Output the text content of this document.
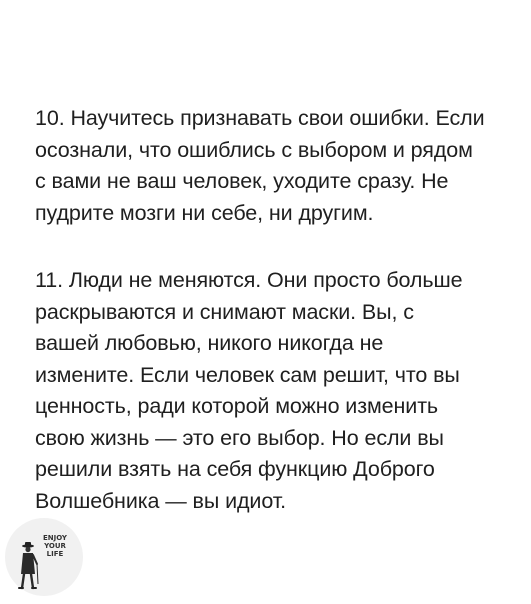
10. Научитесь признавать свои ошибки. Если
осознали, что ошиблись с выбором и рядом
с вами не ваш человек, уходите сразу. Не
пудрите мозги ни себе, ни другим.
11. Люди не меняются. Они просто больше
раскрываются и снимают маски. Вы, с
вашей любовью, никого никогда не
измените. Если человек сам решит, что вы
ценность, ради которой можно изменить
свою жизнь — это его выбор. Но если вы
решили взять на себя функцию Доброго
Волшебника — вы идиот.
ENJOY
YOUR
LIFE
